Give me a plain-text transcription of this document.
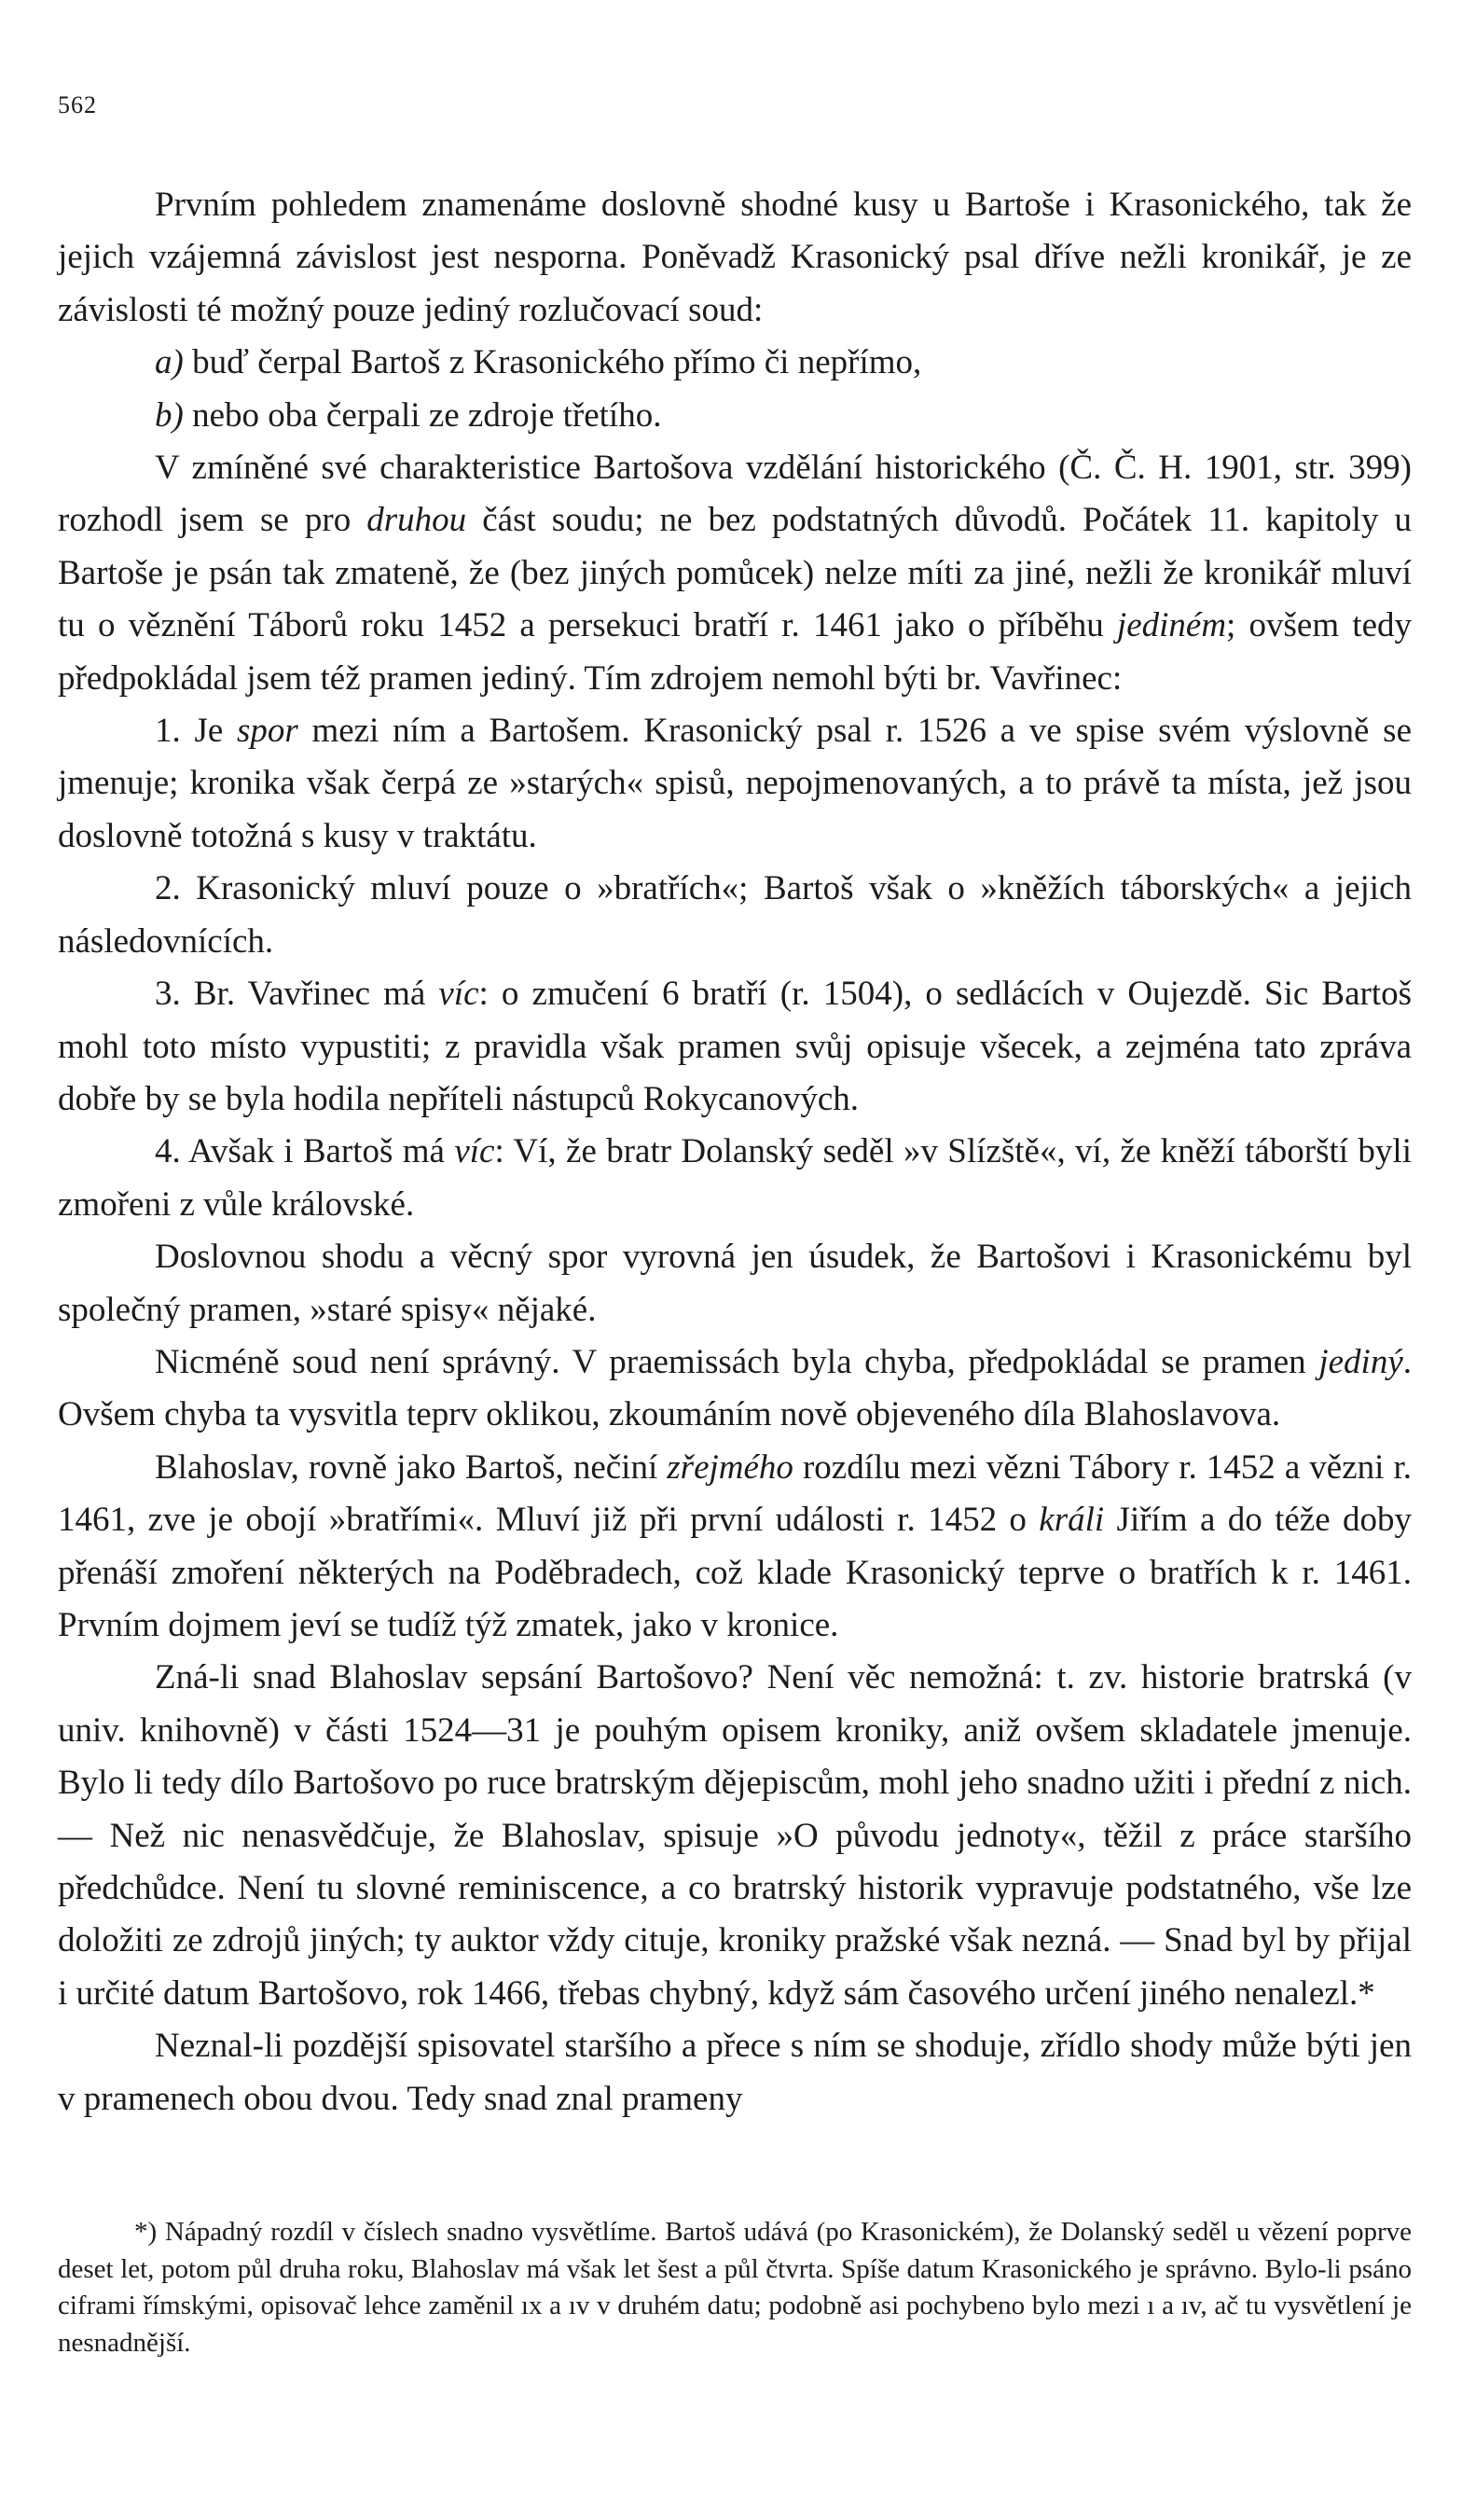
562

Prvním pohledem znamenáme doslovně shodné kusy u Bartoše i Krasonického, tak že jejich vzájemná závislost jest nesporna. Poněvadž Krasonický psal dříve nežli kronikář, je ze závislosti té možný pouze jediný rozlučovací soud:

a) buď čerpal Bartoš z Krasonického přímo či nepřímo,

b) nebo oba čerpali ze zdroje třetího.

V zmíněné své charakteristice Bartošova vzdělání historického (Č. Č. H. 1901, str. 399) rozhodl jsem se pro druhou část soudu; ne bez podstatných důvodů. Počátek 11. kapitoly u Bartoše je psán tak zmateně, že (bez jiných pomůcek) nelze míti za jiné, nežli že kronikář mluví tu o věznění Táborů roku 1452 a persekuci bratří r. 1461 jako o příběhu jediném; ovšem tedy předpokládal jsem též pramen jediný. Tím zdrojem nemohl býti br. Vavřinec:

1. Je spor mezi ním a Bartošem. Krasonický psal r. 1526 a ve spise svém výslovně se jmenuje; kronika však čerpá ze »starých« spisů, nepojmenovaných, a to právě ta místa, jež jsou doslovně totožná s kusy v traktátu.

2. Krasonický mluví pouze o »bratřích«; Bartoš však o »kněžích táborských« a jejich následovnících.

3. Br. Vavřinec má víc: o zmučení 6 bratří (r. 1504), o sedlácích v Oujezdě. Sic Bartoš mohl toto místo vypustiti; z pravidla však pramen svůj opisuje všecek, a zejména tato zpráva dobře by se byla hodila nepříteli nástupců Rokycanových.

4. Avšak i Bartoš má víc: Ví, že bratr Dolanský seděl »v Slízště«, ví, že kněží táborští byli zmořeni z vůle královské.

Doslovnou shodu a věcný spor vyrovná jen úsudek, že Bartošovi i Krasonickému byl společný pramen, »staré spisy« nějaké.

Nicméně soud není správný. V praemissách byla chyba, předpokládal se pramen jediný. Ovšem chyba ta vysvitla teprv oklikou, zkoumáním nově objeveného díla Blahoslavova.

Blahoslav, rovně jako Bartoš, nečiní zřejmého rozdílu mezi vězni Tábory r. 1452 a vězni r. 1461, zve je obojí »bratřími«. Mluví již při první události r. 1452 o králi Jiřím a do téže doby přenáší zmoření některých na Poděbradech, což klade Krasonický teprve o bratřích k r. 1461. Prvním dojmem jeví se tudíž týž zmatek, jako v kronice.

Zná-li snad Blahoslav sepsání Bartošovo? Není věc nemožná: t. zv. historie bratrská (v univ. knihovně) v části 1524—31 je pouhým opisem kroniky, aniž ovšem skladatele jmenuje. Bylo li tedy dílo Bartošovo po ruce bratrským dějepiscům, mohl jeho snadno užiti i přední z nich. — Než nic nenasvědčuje, že Blahoslav, spisuje »O původu jednoty«, těžil z práce staršího předchůdce. Není tu slovné reminiscence, a co bratrský historik vypravuje podstatného, vše lze doložiti ze zdrojů jiných; ty auktor vždy cituje, kroniky pražské však nezná. — Snad byl by přijal i určité datum Bartošovo, rok 1466, třebas chybný, když sám časového určení jiného nenalezl.*

Neznal-li pozdější spisovatel staršího a přece s ním se shoduje, zřídlo shody může býti jen v pramenech obou dvou. Tedy snad znal prameny

*) Nápadný rozdíl v číslech snadno vysvětlíme. Bartoš udává (po Krasonickém), že Dolanský seděl u vězení poprve deset let, potom půl druha roku, Blahoslav má však let šest a půl čtvrta. Spíše datum Krasonického je správno. Bylo-li psáno ciframi římskými, opisovač lehce zaměnil ıx a ıv v druhém datu; podobně asi pochybeno bylo mezi ı a ıv, ač tu vysvětlení je nesnadnější.
